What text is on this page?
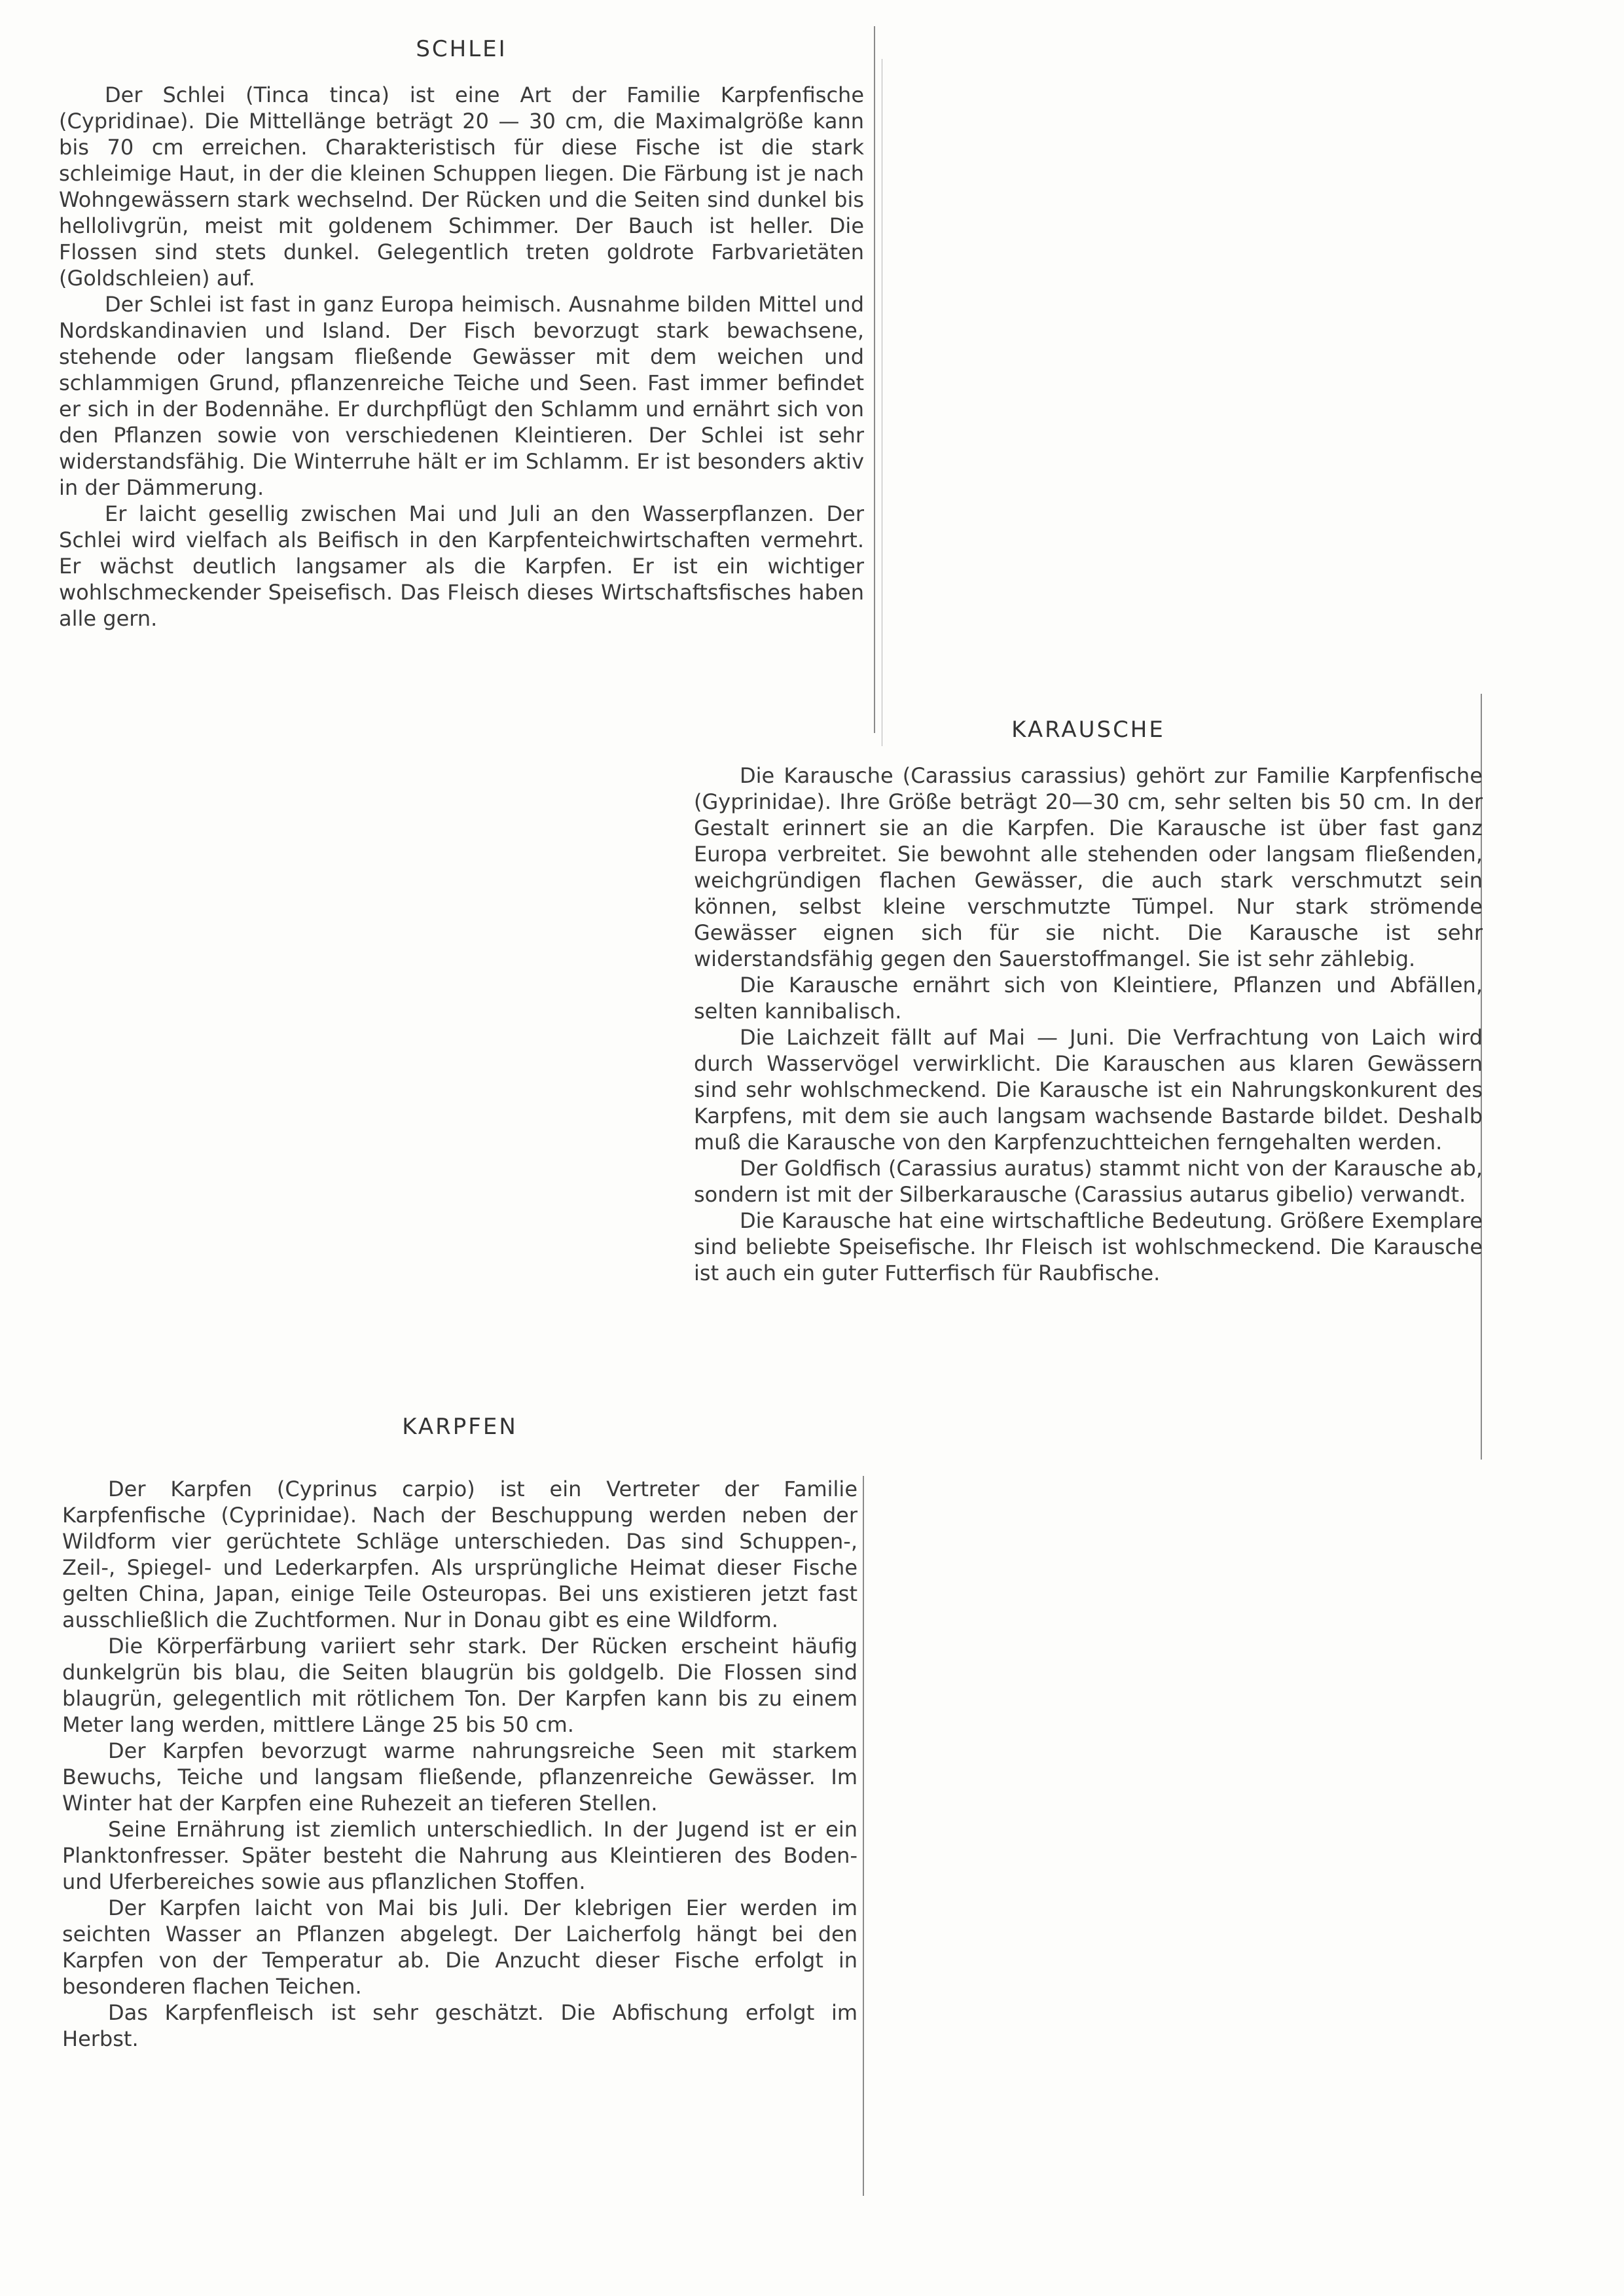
SCHLEI

Der Schlei (Tinca tinca) ist eine Art der Familie Karpfenfische (Cypridinae). Die Mittellänge beträgt 20 — 30 cm, die Maximalgröße kann bis 70 cm erreichen. Charakteristisch für diese Fische ist die stark schleimige Haut, in der die kleinen Schuppen liegen. Die Färbung ist je nach Wohngewässern stark wechselnd. Der Rücken und die Seiten sind dunkel bis hellolivgrün, meist mit goldenem Schimmer. Der Bauch ist heller. Die Flossen sind stets dunkel. Gelegentlich treten goldrote Farbvarietäten (Goldschleien) auf.

Der Schlei ist fast in ganz Europa heimisch. Ausnahme bilden Mittel und Nordskandinavien und Island. Der Fisch bevorzugt stark bewachsene, stehende oder langsam fließende Gewässer mit dem weichen und schlammigen Grund, pflanzenreiche Teiche und Seen. Fast immer befindet er sich in der Bodennähe. Er durchpflügt den Schlamm und ernährt sich von den Pflanzen sowie von verschiedenen Kleintieren. Der Schlei ist sehr widerstandsfähig. Die Winterruhe hält er im Schlamm. Er ist besonders aktiv in der Dämmerung.

Er laicht gesellig zwischen Mai und Juli an den Wasserpflanzen. Der Schlei wird vielfach als Beifisch in den Karpfenteichwirtschaften vermehrt. Er wächst deutlich langsamer als die Karpfen. Er ist ein wichtiger wohlschmeckender Speisefisch. Das Fleisch dieses Wirtschaftsfisches haben alle gern.

KARAUSCHE

Die Karausche (Carassius carassius) gehört zur Familie Karpfenfische (Gyprinidae). Ihre Größe beträgt 20—30 cm, sehr selten bis 50 cm. In der Gestalt erinnert sie an die Karpfen. Die Karausche ist über fast ganz Europa verbreitet. Sie bewohnt alle stehenden oder langsam fließenden, weichgründigen flachen Gewässer, die auch stark verschmutzt sein können, selbst kleine verschmutzte Tümpel. Nur stark strömende Gewässer eignen sich für sie nicht. Die Karausche ist sehr widerstandsfähig gegen den Sauerstoffmangel. Sie ist sehr zählebig.

Die Karausche ernährt sich von Kleintiere, Pflanzen und Abfällen, selten kannibalisch.

Die Laichzeit fällt auf Mai — Juni. Die Verfrachtung von Laich wird durch Wasservögel verwirklicht. Die Karauschen aus klaren Gewässern sind sehr wohlschmeckend. Die Karausche ist ein Nahrungskonkurent des Karpfens, mit dem sie auch langsam wachsende Bastarde bildet. Deshalb muß die Karausche von den Karpfenzuchtteichen ferngehalten werden.

Der Goldfisch (Carassius auratus) stammt nicht von der Karausche ab, sondern ist mit der Silberkarausche (Carassius autarus gibelio) verwandt.

Die Karausche hat eine wirtschaftliche Bedeutung. Größere Exemplare sind beliebte Speisefische. Ihr Fleisch ist wohlschmeckend. Die Karausche ist auch ein guter Futterfisch für Raubfische.

KARPFEN

Der Karpfen (Cyprinus carpio) ist ein Vertreter der Familie Karpfenfische (Cyprinidae). Nach der Beschuppung werden neben der Wildform vier gerüchtete Schläge unterschieden. Das sind Schuppen-, Zeil-, Spiegel- und Lederkarpfen. Als ursprüngliche Heimat dieser Fische gelten China, Japan, einige Teile Osteuropas. Bei uns existieren jetzt fast ausschließlich die Zuchtformen. Nur in Donau gibt es eine Wildform.

Die Körperfärbung variiert sehr stark. Der Rücken erscheint häufig dunkelgrün bis blau, die Seiten blaugrün bis goldgelb. Die Flossen sind blaugrün, gelegentlich mit rötlichem Ton. Der Karpfen kann bis zu einem Meter lang werden, mittlere Länge 25 bis 50 cm.

Der Karpfen bevorzugt warme nahrungsreiche Seen mit starkem Bewuchs, Teiche und langsam fließende, pflanzenreiche Gewässer. Im Winter hat der Karpfen eine Ruhezeit an tieferen Stellen.

Seine Ernährung ist ziemlich unterschiedlich. In der Jugend ist er ein Planktonfresser. Später besteht die Nahrung aus Kleintieren des Boden- und Uferbereiches sowie aus pflanzlichen Stoffen.

Der Karpfen laicht von Mai bis Juli. Der klebrigen Eier werden im seichten Wasser an Pflanzen abgelegt. Der Laicherfolg hängt bei den Karpfen von der Temperatur ab. Die Anzucht dieser Fische erfolgt in besonderen flachen Teichen.

Das Karpfenfleisch ist sehr geschätzt. Die Abfischung erfolgt im Herbst.
